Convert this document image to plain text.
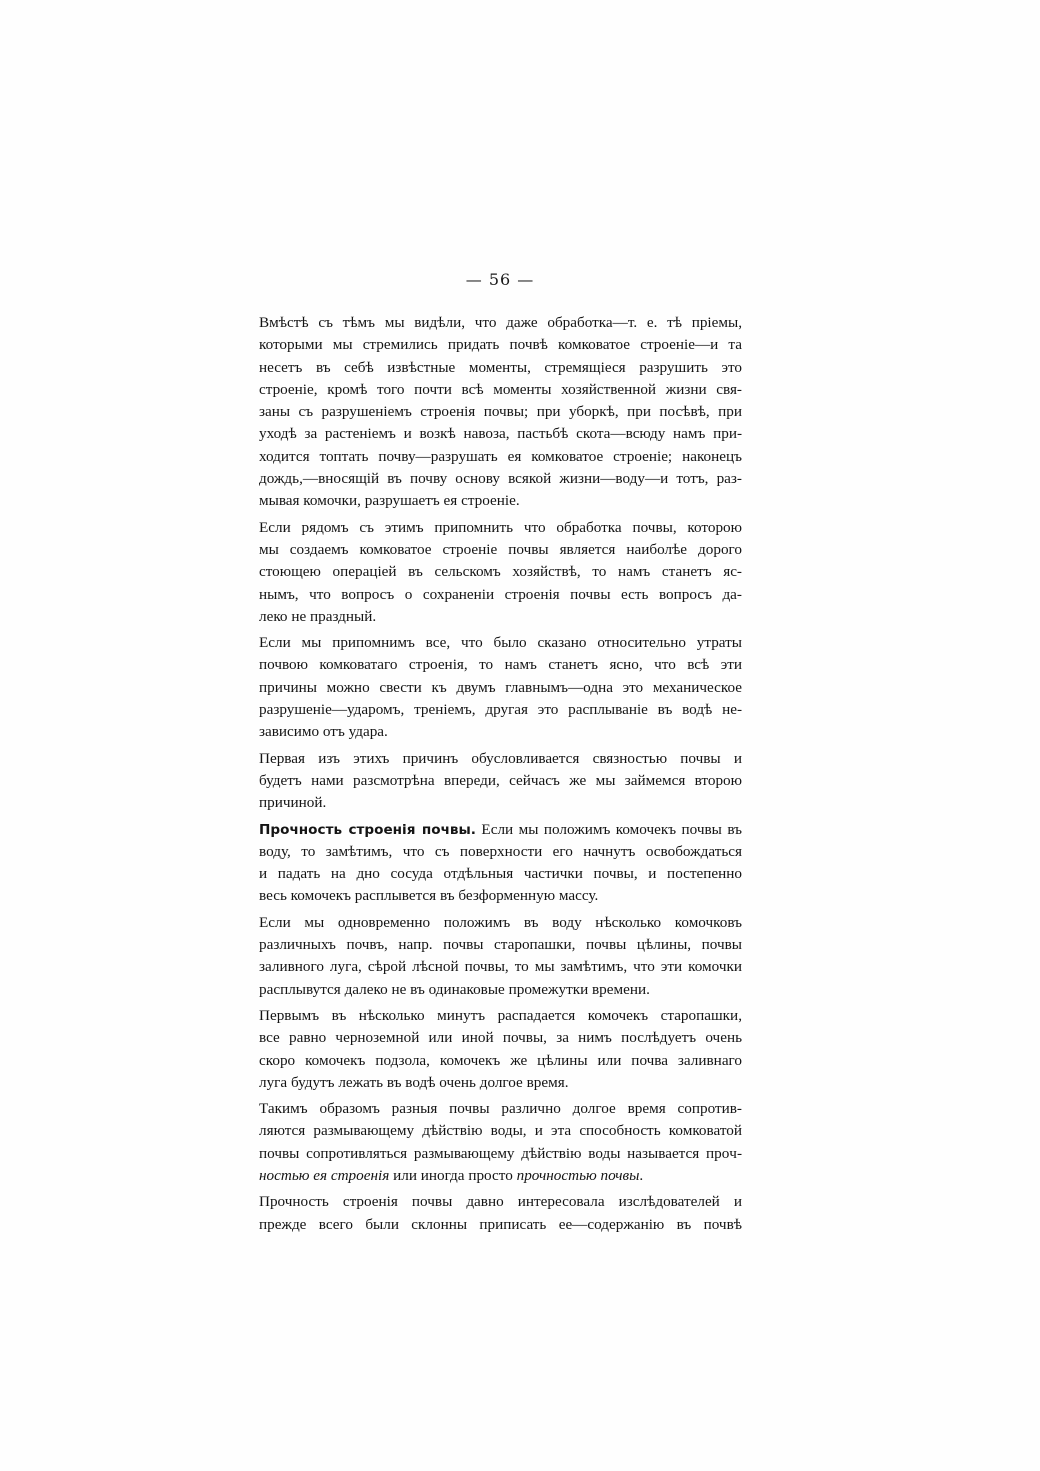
— 56 —

Вмѣстѣ съ тѣмъ мы видѣли, что даже обработка—т. е. тѣ пріемы,
которыми мы стремились придать почвѣ комковатое строеніе—и та
несетъ въ себѣ извѣстные моменты, стремящіеся разрушить это
строеніе, кромѣ того почти всѣ моменты хозяйственной жизни свя-
заны съ разрушеніемъ строенія почвы; при уборкѣ, при посѣвѣ, при
уходѣ за растеніемъ и возкѣ навоза, пастьбѣ скота—всюду намъ при-
ходится топтать почву—разрушать ея комковатое строеніе; наконецъ
дождь,—вносящій въ почву основу всякой жизни—воду—и тотъ, раз-
мывая комочки, разрушаетъ ея строеніе.

Если рядомъ съ этимъ припомнить что обработка почвы, которою
мы создаемъ комковатое строеніе почвы является наиболѣе дорого
стоющею операціей въ сельскомъ хозяйствѣ, то намъ станетъ яс-
нымъ, что вопросъ о сохраненіи строенія почвы есть вопросъ да-
леко не праздный.

Если мы припомнимъ все, что было сказано относительно утраты
почвою комковатаго строенія, то намъ станетъ ясно, что всѣ эти
причины можно свести къ двумъ главнымъ—одна это механическое
разрушеніе—ударомъ, треніемъ, другая это расплываніе въ водѣ не-
зависимо отъ удара.

Первая изъ этихъ причинъ обусловливается связностью почвы и
будетъ нами разсмотрѣна впереди, сейчасъ же мы займемся второю
причиной.

Прочность строенія почвы. Если мы положимъ комочекъ почвы въ
воду, то замѣтимъ, что съ поверхности его начнутъ освобождаться
и падать на дно сосуда отдѣльныя частички почвы, и постепенно
весь комочекъ расплывется въ безформенную массу.

Если мы одновременно положимъ въ воду нѣсколько комочковъ
различныхъ почвъ, напр. почвы старопашки, почвы цѣлины, почвы
заливного луга, сѣрой лѣсной почвы, то мы замѣтимъ, что эти комочки
расплывутся далеко не въ одинаковые промежутки времени.

Первымъ въ нѣсколько минутъ распадается комочекъ старопашки,
все равно черноземной или иной почвы, за нимъ послѣдуетъ очень
скоро комочекъ подзола, комочекъ же цѣлины или почва заливнаго
луга будутъ лежать въ водѣ очень долгое время.

Такимъ образомъ разныя почвы различно долгое время сопротив-
ляются размывающему дѣйствію воды, и эта способность комковатой
почвы сопротивляться размывающему дѣйствію воды называется прoч-
ностью ея строенія или иногда просто прочностью почвы.

Прочность строенія почвы давно интересовала изслѣдователей и
прежде всего были склонны приписать ее—содержанію въ почвѣ
